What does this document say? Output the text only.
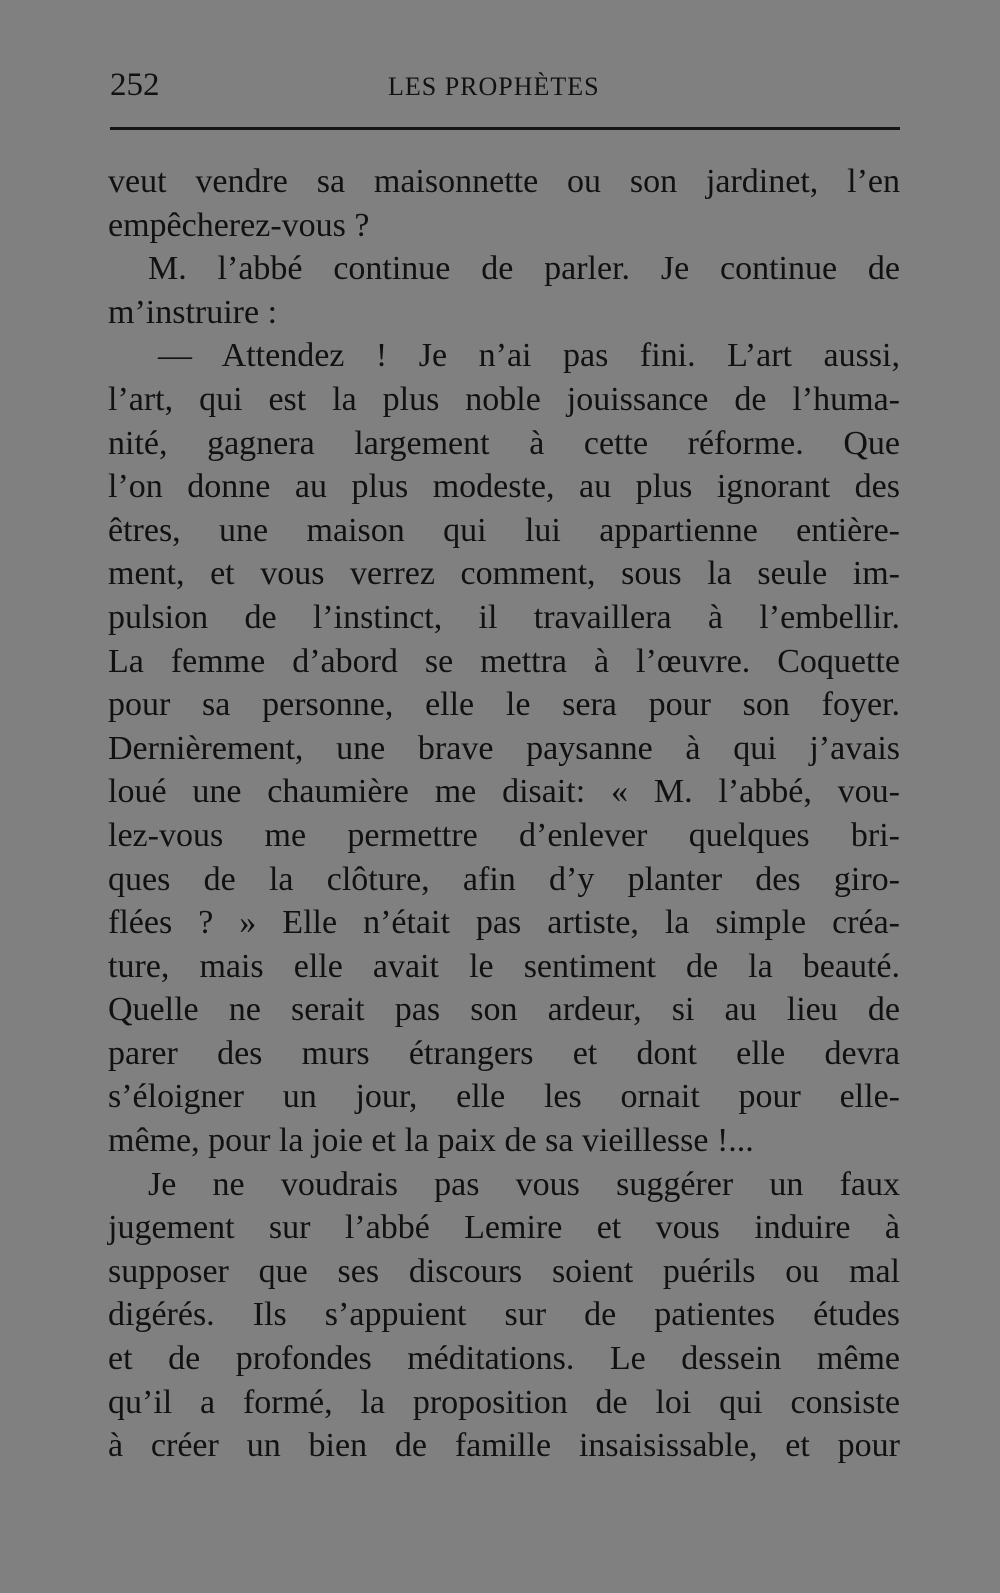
252	LES PROPHÈTES
veut vendre sa maisonnette ou son jardinet, l’en
empêcherez-vous ?
M. l’abbé continue de parler. Je continue de
m’instruire :
— Attendez ! Je n’ai pas fini. L’art aussi,
l’art, qui est la plus noble jouissance de l’huma-
nité, gagnera largement à cette réforme. Que
l’on donne au plus modeste, au plus ignorant des
êtres, une maison qui lui appartienne entière-
ment, et vous verrez comment, sous la seule im-
pulsion de l’instinct, il travaillera à l’embellir.
La femme d’abord se mettra à l’œuvre. Coquette
pour sa personne, elle le sera pour son foyer.
Dernièrement, une brave paysanne à qui j’avais
loué une chaumière me disait: « M. l’abbé, vou-
lez-vous me permettre d’enlever quelques bri-
ques de la clôture, afin d’y planter des giro-
flées ? » Elle n’était pas artiste, la simple créa-
ture, mais elle avait le sentiment de la beauté.
Quelle ne serait pas son ardeur, si au lieu de
parer des murs étrangers et dont elle devra
s’éloigner un jour, elle les ornait pour elle-
même, pour la joie et la paix de sa vieillesse !...
Je ne voudrais pas vous suggérer un faux
jugement sur l’abbé Lemire et vous induire à
supposer que ses discours soient puérils ou mal
digérés. Ils s’appuient sur de patientes études
et de profondes méditations. Le dessein même
qu’il a formé, la proposition de loi qui consiste
à créer un bien de famille insaisissable, et pour
